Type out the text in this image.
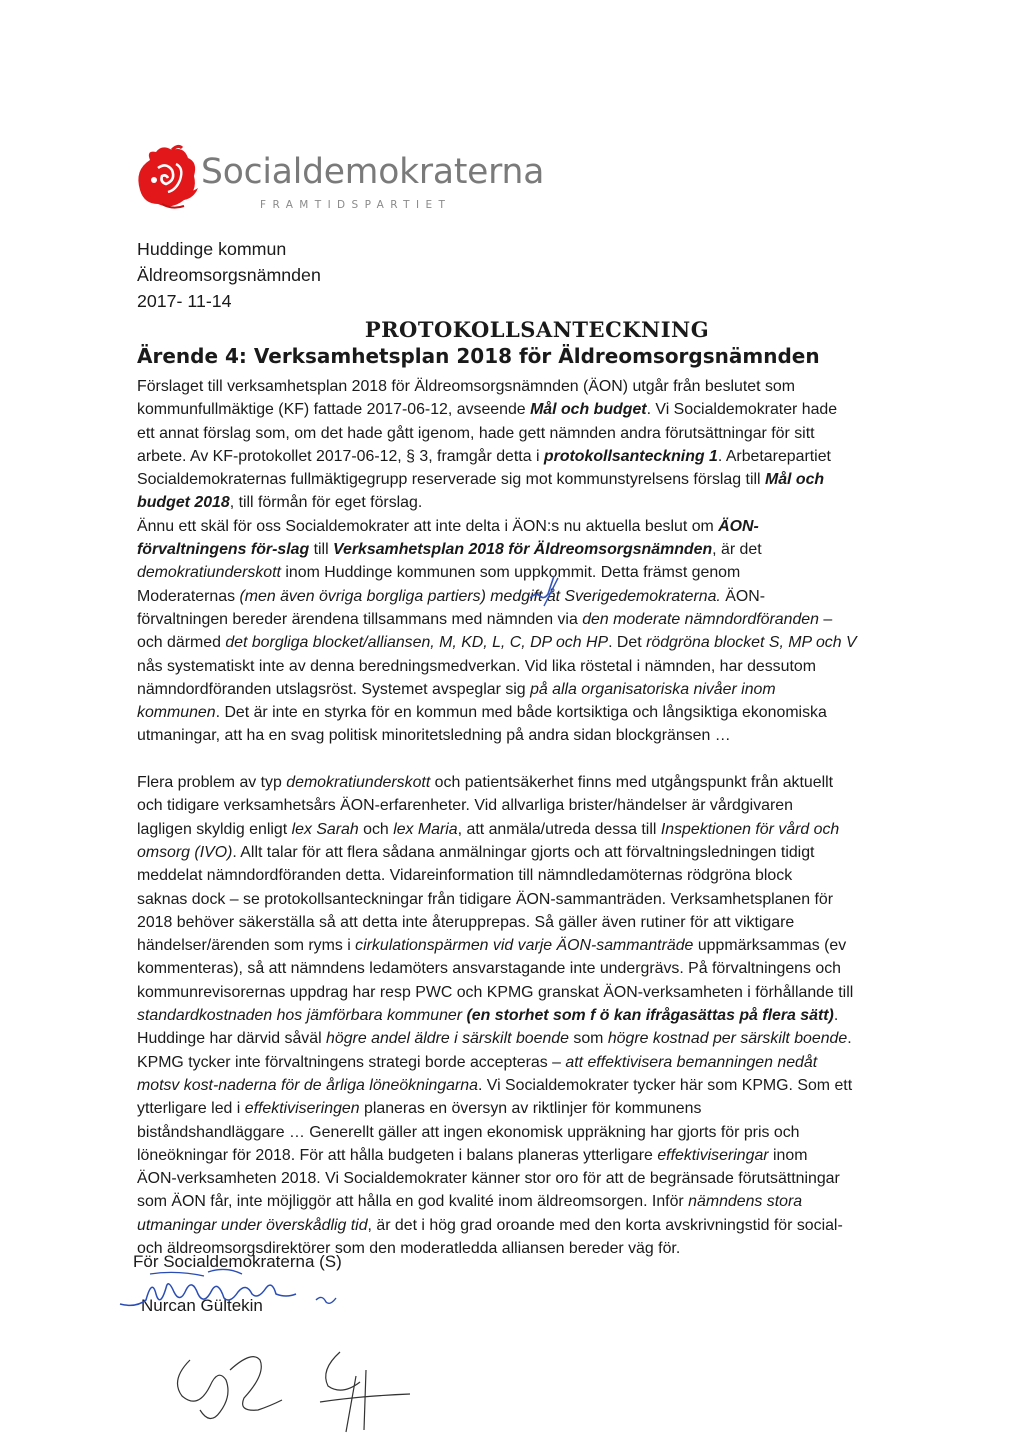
Socialdemokraterna
FRAMTIDSPARTIET
Huddinge kommun
Äldreomsorgsnämnden
2017- 11-14
PROTOKOLLSANTECKNING
Ärende 4: Verksamhetsplan 2018 för Äldreomsorgsnämnden
Förslaget till verksamhetsplan 2018 för Äldreomsorgsnämnden (ÄON) utgår från beslutet som
kommunfullmäktige (KF) fattade 2017-06-12, avseende Mål och budget. Vi Socialdemokrater hade
ett annat förslag som, om det hade gått igenom, hade gett nämnden andra förutsättningar för sitt
arbete. Av KF-protokollet 2017-06-12, § 3, framgår detta i protokollsanteckning 1. Arbetarepartiet
Socialdemokraternas fullmäktigegrupp reserverade sig mot kommunstyrelsens förslag till Mål och
budget 2018, till förmån för eget förslag.
Ännu ett skäl för oss Socialdemokrater att inte delta i ÄON:s nu aktuella beslut om ÄON-
förvaltningens för-slag till Verksamhetsplan 2018 för Äldreomsorgsnämnden, är det
demokratiunderskott inom Huddinge kommunen som uppkommit. Detta främst genom
Moderaternas (men även övriga borgliga partiers) medgift åt Sverigedemokraterna. ÄON-
förvaltningen bereder ärendena tillsammans med nämnden via den moderate nämndordföranden –
och därmed det borgliga blocket/alliansen, M, KD, L, C, DP och HP. Det rödgröna blocket S, MP och V
nås systematiskt inte av denna beredningsmedverkan. Vid lika röstetal i nämnden, har dessutom
nämndordföranden utslagsröst. Systemet avspeglar sig på alla organisatoriska nivåer inom
kommunen. Det är inte en styrka för en kommun med både kortsiktiga och långsiktiga ekonomiska
utmaningar, att ha en svag politisk minoritetsledning på andra sidan blockgränsen …
Flera problem av typ demokratiunderskott och patientsäkerhet finns med utgångspunkt från aktuellt
och tidigare verksamhetsårs ÄON-erfarenheter. Vid allvarliga brister/händelser är vårdgivaren
lagligen skyldig enligt lex Sarah och lex Maria, att anmäla/utreda dessa till Inspektionen för vård och
omsorg (IVO). Allt talar för att flera sådana anmälningar gjorts och att förvaltningsledningen tidigt
meddelat nämndordföranden detta. Vidareinformation till nämndledamöternas rödgröna block
saknas dock – se protokollsanteckningar från tidigare ÄON-sammanträden. Verksamhetsplanen för
2018 behöver säkerställa så att detta inte återupprepas. Så gäller även rutiner för att viktigare
händelser/ärenden som ryms i cirkulationspärmen vid varje ÄON-sammanträde uppmärksammas (ev
kommenteras), så att nämndens ledamöters ansvarstagande inte undergrävs. På förvaltningens och
kommunrevisorernas uppdrag har resp PWC och KPMG granskat ÄON-verksamheten i förhållande till
standardkostnaden hos jämförbara kommuner (en storhet som f ö kan ifrågasättas på flera sätt).
Huddinge har därvid såväl högre andel äldre i särskilt boende som högre kostnad per särskilt boende.
KPMG tycker inte förvaltningens strategi borde accepteras – att effektivisera bemanningen nedåt
motsv kost-naderna för de årliga löneökningarna. Vi Socialdemokrater tycker här som KPMG. Som ett
ytterligare led i effektiviseringen planeras en översyn av riktlinjer för kommunens
biståndshandläggare … Generellt gäller att ingen ekonomisk uppräkning har gjorts för pris och
löneökningar för 2018. För att hålla budgeten i balans planeras ytterligare effektiviseringar inom
ÄON-verksamheten 2018. Vi Socialdemokrater känner stor oro för att de begränsade förutsättningar
som ÄON får, inte möjliggör att hålla en god kvalité inom äldreomsorgen. Inför nämndens stora
utmaningar under överskådlig tid, är det i hög grad oroande med den korta avskrivningstid för social-
och äldreomsorgsdirektörer som den moderatledda alliansen bereder väg för.
För Socialdemokraterna (S)
Nurcan Gültekin
